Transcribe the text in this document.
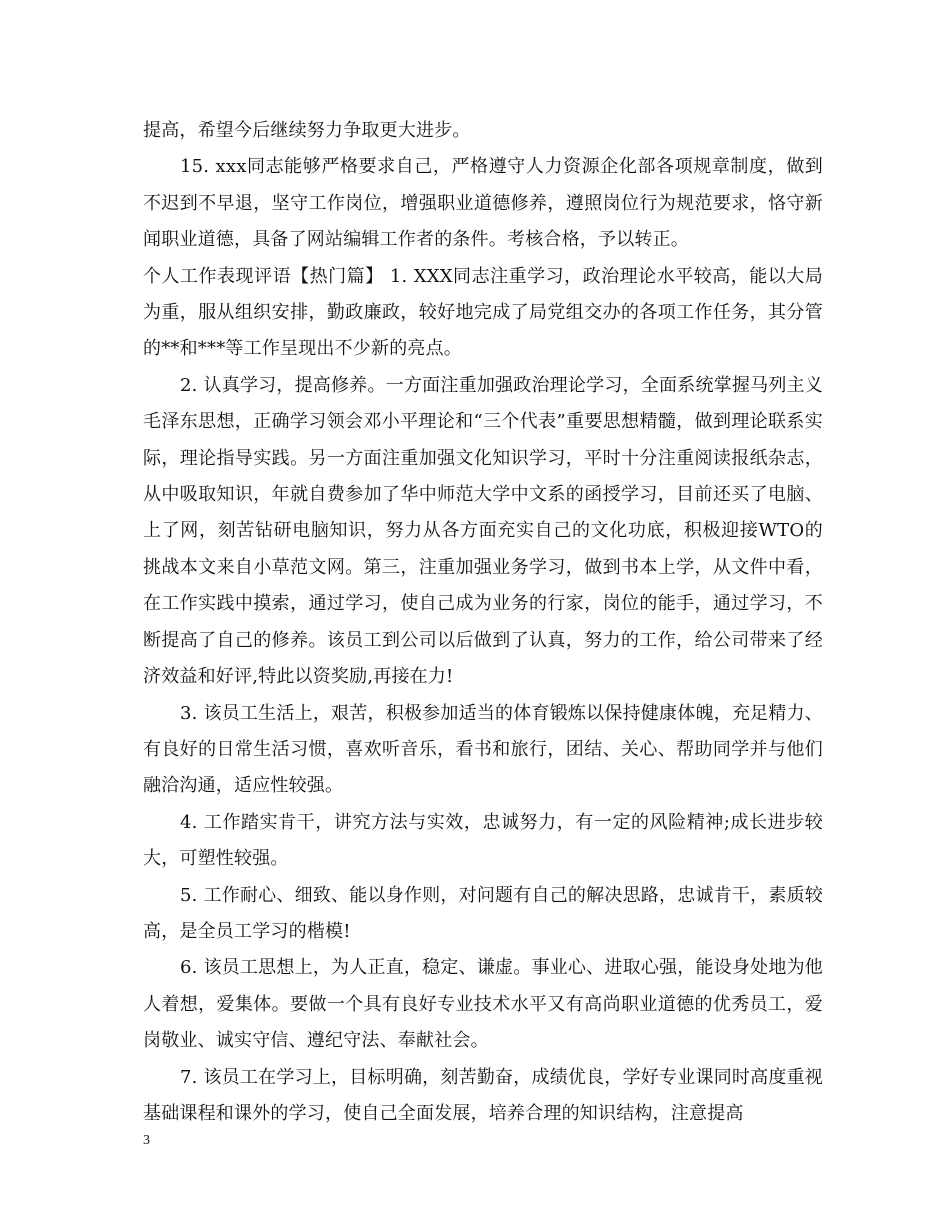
提高，希望今后继续努力争取更大进步。

15. xxx同志能够严格要求自己，严格遵守人力资源企化部各项规章制度，做到不迟到不早退，坚守工作岗位，增强职业道德修养，遵照岗位行为规范要求，恪守新闻职业道德，具备了网站编辑工作者的条件。考核合格，予以转正。

个人工作表现评语【热门篇】 1. XXX同志注重学习，政治理论水平较高，能以大局为重，服从组织安排，勤政廉政，较好地完成了局党组交办的各项工作任务，其分管的**和***等工作呈现出不少新的亮点。

2. 认真学习，提高修养。一方面注重加强政治理论学习，全面系统掌握马列主义毛泽东思想，正确学习领会邓小平理论和“三个代表”重要思想精髓，做到理论联系实际，理论指导实践。另一方面注重加强文化知识学习，平时十分注重阅读报纸杂志，从中吸取知识，年就自费参加了华中师范大学中文系的函授学习，目前还买了电脑、上了网，刻苦钻研电脑知识，努力从各方面充实自己的文化功底，积极迎接WTO的挑战本文来自小草范文网。第三，注重加强业务学习，做到书本上学，从文件中看，在工作实践中摸索，通过学习，使自己成为业务的行家，岗位的能手，通过学习，不断提高了自己的修养。该员工到公司以后做到了认真，努力的工作，给公司带来了经济效益和好评,特此以资奖励,再接在力!

3. 该员工生活上，艰苦，积极参加适当的体育锻炼以保持健康体魄，充足精力、有良好的日常生活习惯，喜欢听音乐，看书和旅行，团结、关心、帮助同学并与他们融洽沟通，适应性较强。

4. 工作踏实肯干，讲究方法与实效，忠诚努力，有一定的风险精神;成长进步较大，可塑性较强。

5. 工作耐心、细致、能以身作则，对问题有自己的解决思路，忠诚肯干，素质较高，是全员工学习的楷模!

6. 该员工思想上，为人正直，稳定、谦虚。事业心、进取心强，能设身处地为他人着想，爱集体。要做一个具有良好专业技术水平又有高尚职业道德的优秀员工，爱岗敬业、诚实守信、遵纪守法、奉献社会。

7. 该员工在学习上，目标明确，刻苦勤奋，成绩优良，学好专业课同时高度重视基础课程和课外的学习，使自己全面发展，培养合理的知识结构，注意提高

3
